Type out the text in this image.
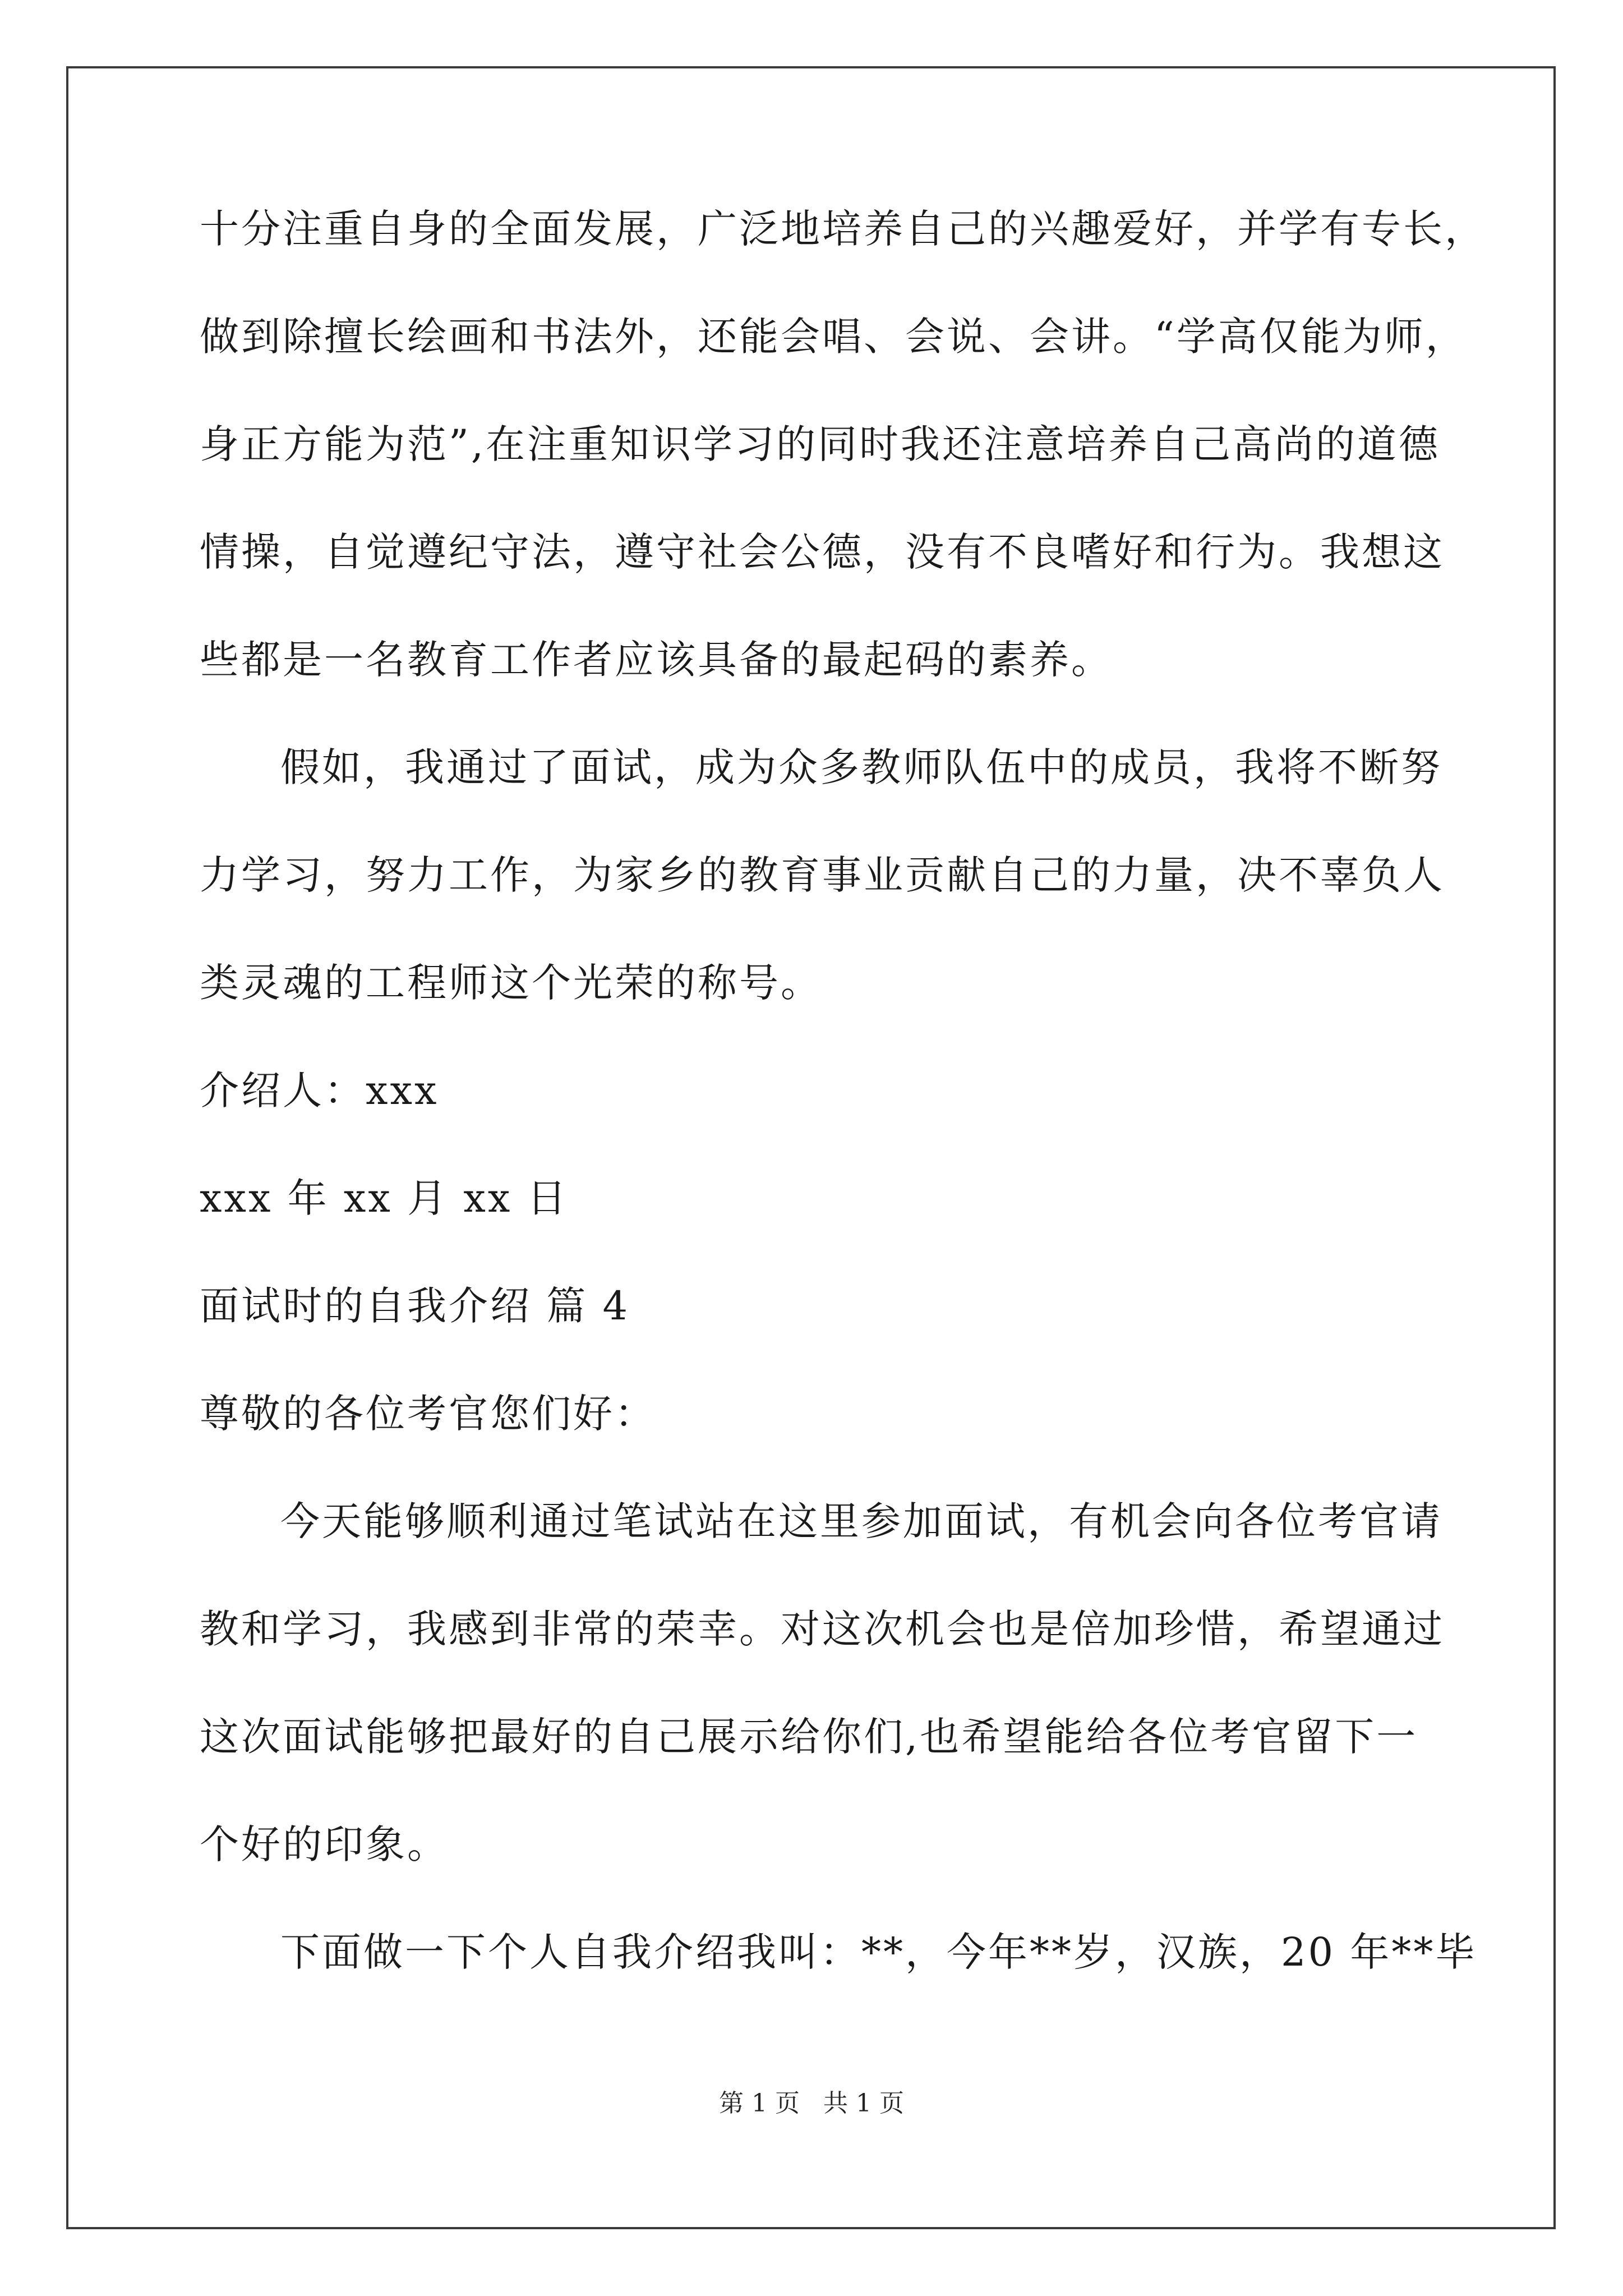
十分注重自身的全面发展，广泛地培养自己的兴趣爱好，并学有专长，
做到除擅长绘画和书法外，还能会唱、会说、会讲。“学高仅能为师，
身正方能为范”,在注重知识学习的同时我还注意培养自己高尚的道德
情操，自觉遵纪守法，遵守社会公德，没有不良嗜好和行为。我想这
些都是一名教育工作者应该具备的最起码的素养。
假如，我通过了面试，成为众多教师队伍中的成员，我将不断努
力学习，努力工作，为家乡的教育事业贡献自己的力量，决不辜负人
类灵魂的工程师这个光荣的称号。
介绍人：xxx
xxx 年 xx 月 xx 日
面试时的自我介绍 篇 4
尊敬的各位考官您们好：
今天能够顺利通过笔试站在这里参加面试，有机会向各位考官请
教和学习，我感到非常的荣幸。对这次机会也是倍加珍惜，希望通过
这次面试能够把最好的自己展示给你们,也希望能给各位考官留下一
个好的印象。
下面做一下个人自我介绍我叫：**，今年**岁，汉族，20 年**毕
第 1 页   共 1 页
